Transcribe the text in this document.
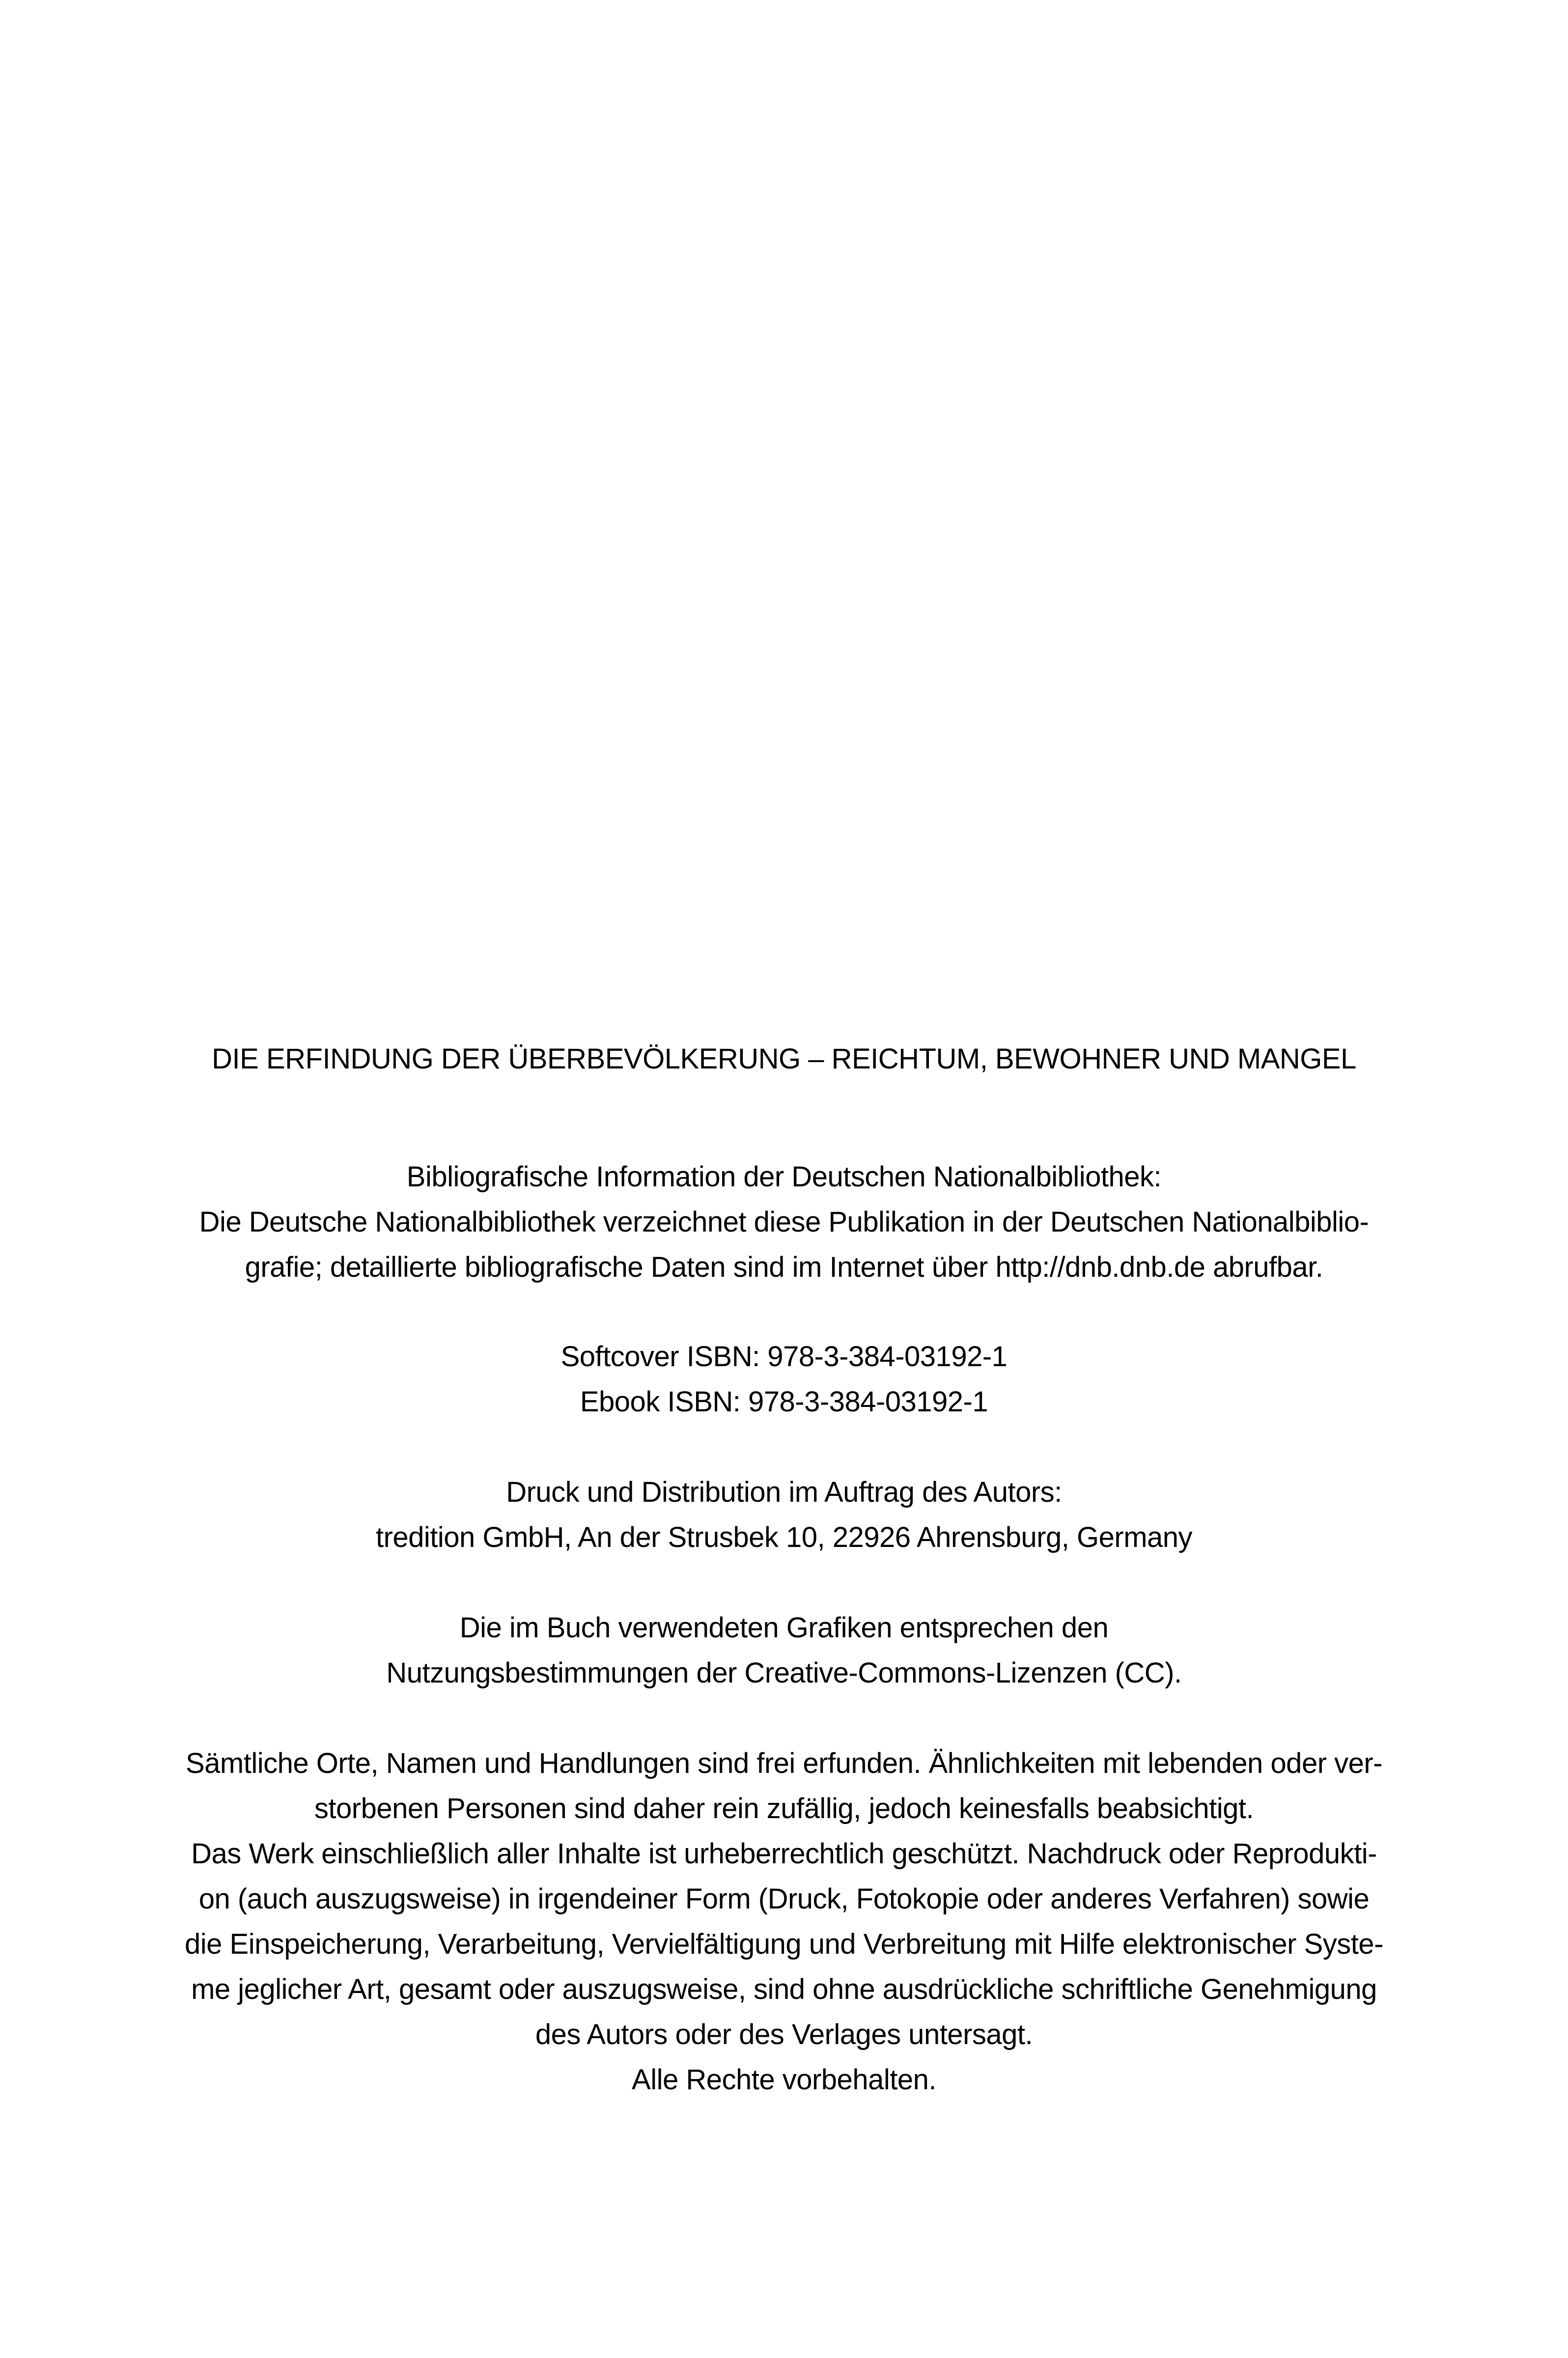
DIE ERFINDUNG DER ÜBERBEVÖLKERUNG – REICHTUM, BEWOHNER UND MANGEL
Bibliografische Information der Deutschen Nationalbibliothek:
Die Deutsche Nationalbibliothek verzeichnet diese Publikation in der Deutschen Nationalbiblio-
grafie; detaillierte bibliografische Daten sind im Internet über http://dnb.dnb.de abrufbar.
Softcover ISBN: 978-3-384-03192-1
Ebook ISBN: 978-3-384-03192-1
Druck und Distribution im Auftrag des Autors:
tredition GmbH, An der Strusbek 10, 22926 Ahrensburg, Germany
Die im Buch verwendeten Grafiken entsprechen den
Nutzungsbestimmungen der Creative-Commons-Lizenzen (CC).
Sämtliche Orte, Namen und Handlungen sind frei erfunden. Ähnlichkeiten mit lebenden oder ver-
storbenen Personen sind daher rein zufällig, jedoch keinesfalls beabsichtigt.
Das Werk einschließlich aller Inhalte ist urheberrechtlich geschützt. Nachdruck oder Reprodukti-
on (auch auszugsweise) in irgendeiner Form (Druck, Fotokopie oder anderes Verfahren) sowie
die Einspeicherung, Verarbeitung, Vervielfältigung und Verbreitung mit Hilfe elektronischer Syste-
me jeglicher Art, gesamt oder auszugsweise, sind ohne ausdrückliche schriftliche Genehmigung
des Autors oder des Verlages untersagt.
Alle Rechte vorbehalten.
